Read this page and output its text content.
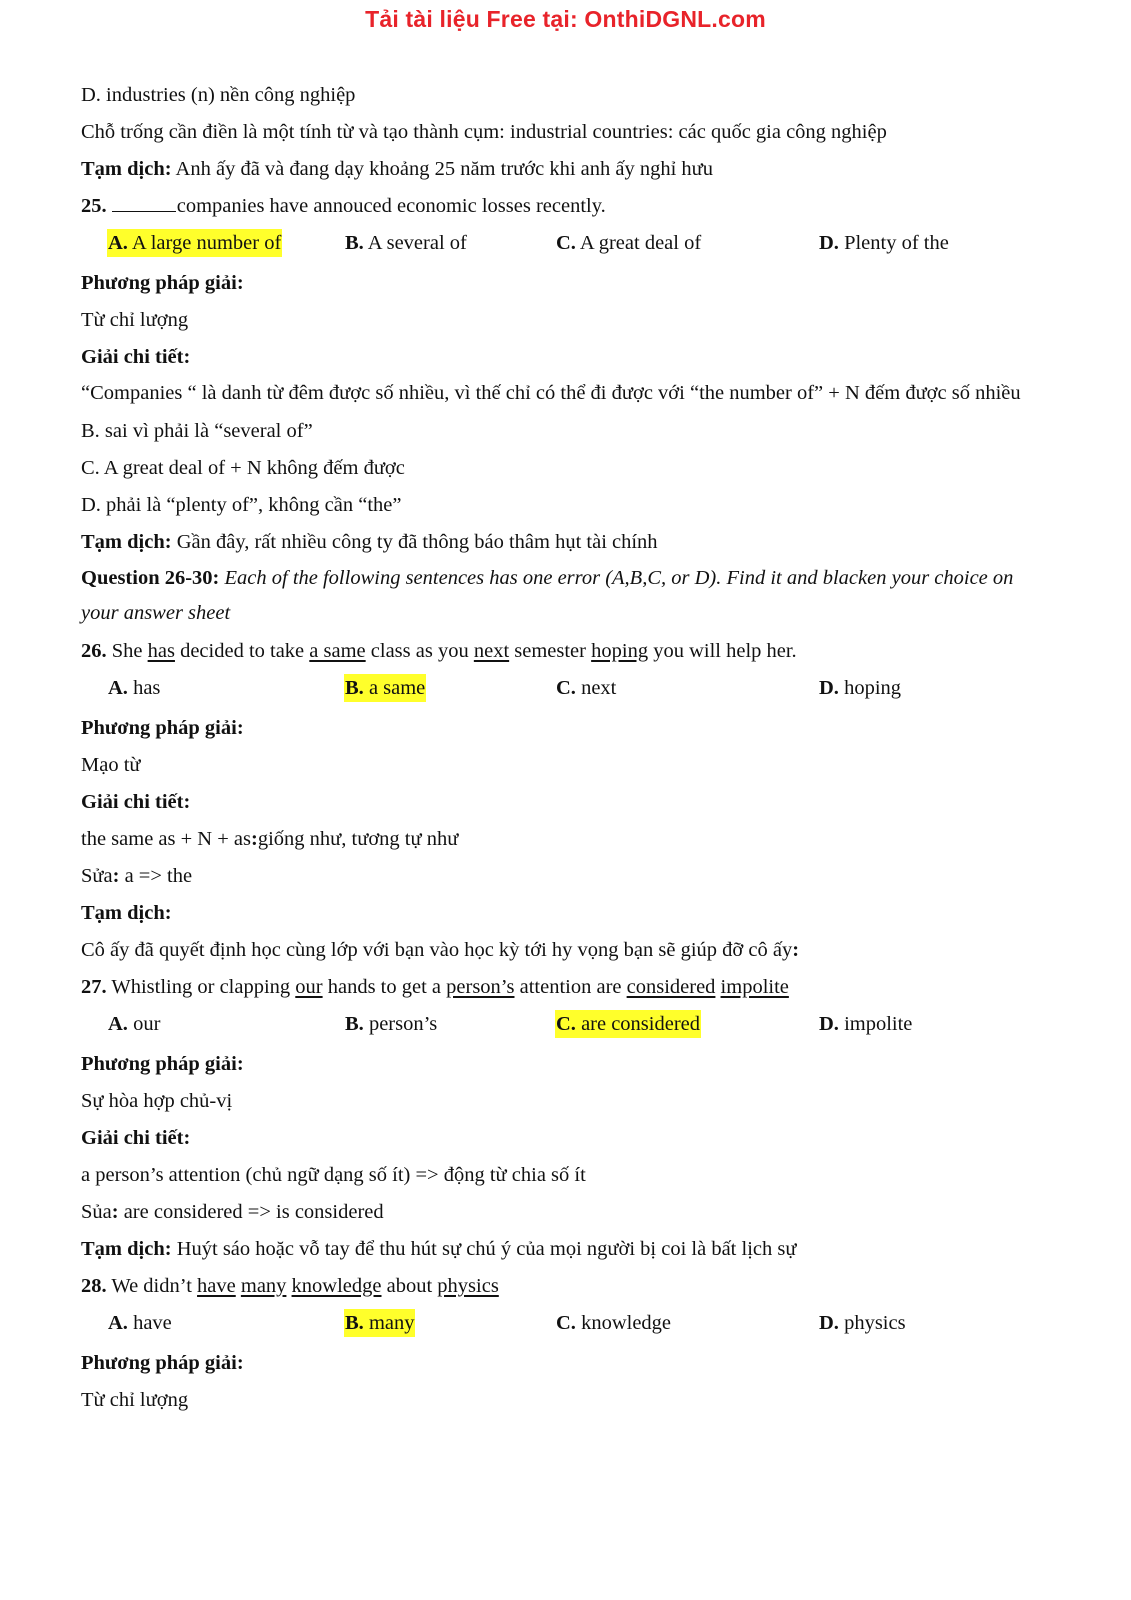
Tải tài liệu Free tại: OnthiDGNL.com

D. industries (n) nền công nghiệp

Chỗ trống cần điền là một tính từ và tạo thành cụm: industrial countries: các quốc gia công nghiệp

Tạm dịch: Anh ấy đã và đang dạy khoảng 25 năm trước khi anh ấy nghỉ hưu

25.	companies have annouced economic losses recently.

A. A large number of	B. A several of	C. A great deal of	D. Plenty of the

Phương pháp giải:

Từ chỉ lượng

Giải chi tiết:

“Companies “ là danh từ đêm được số nhiều, vì thế chỉ có thể đi được với “the number of” + N đếm được số nhiều

B. sai vì phải là “several of”

C. A great deal of + N không đếm được

D. phải là “plenty of”, không cần “the”

Tạm dịch: Gần đây, rất nhiều công ty đã thông báo thâm hụt tài chính

Question 26-30: Each of the following sentences has one error (A,B,C, or D). Find it and blacken your choice on your answer sheet

26. She has decided to take a same class as you next semester hoping you will help her.

A. has	B. a same	C. next	D. hoping

Phương pháp giải:

Mạo từ

Giải chi tiết:

the same as + N + as:giống như, tương tự như

Sửa: a => the

Tạm dịch:

Cô ấy đã quyết định học cùng lớp với bạn vào học kỳ tới hy vọng bạn sẽ giúp đỡ cô ấy:

27. Whistling or clapping our hands to get a person’s attention are considered impolite

A. our	B. person’s	C. are considered	D. impolite

Phương pháp giải:

Sự hòa hợp chủ-vị

Giải chi tiết:

a person’s attention (chủ ngữ dạng số ít) => động từ chia số ít

Sủa: are considered => is considered

Tạm dịch: Huýt sáo hoặc vỗ tay để thu hút sự chú ý của mọi người bị coi là bất lịch sự

28. We didn’t have many knowledge about physics

A. have	B. many	C. knowledge	D. physics

Phương pháp giải:

Từ chỉ lượng
